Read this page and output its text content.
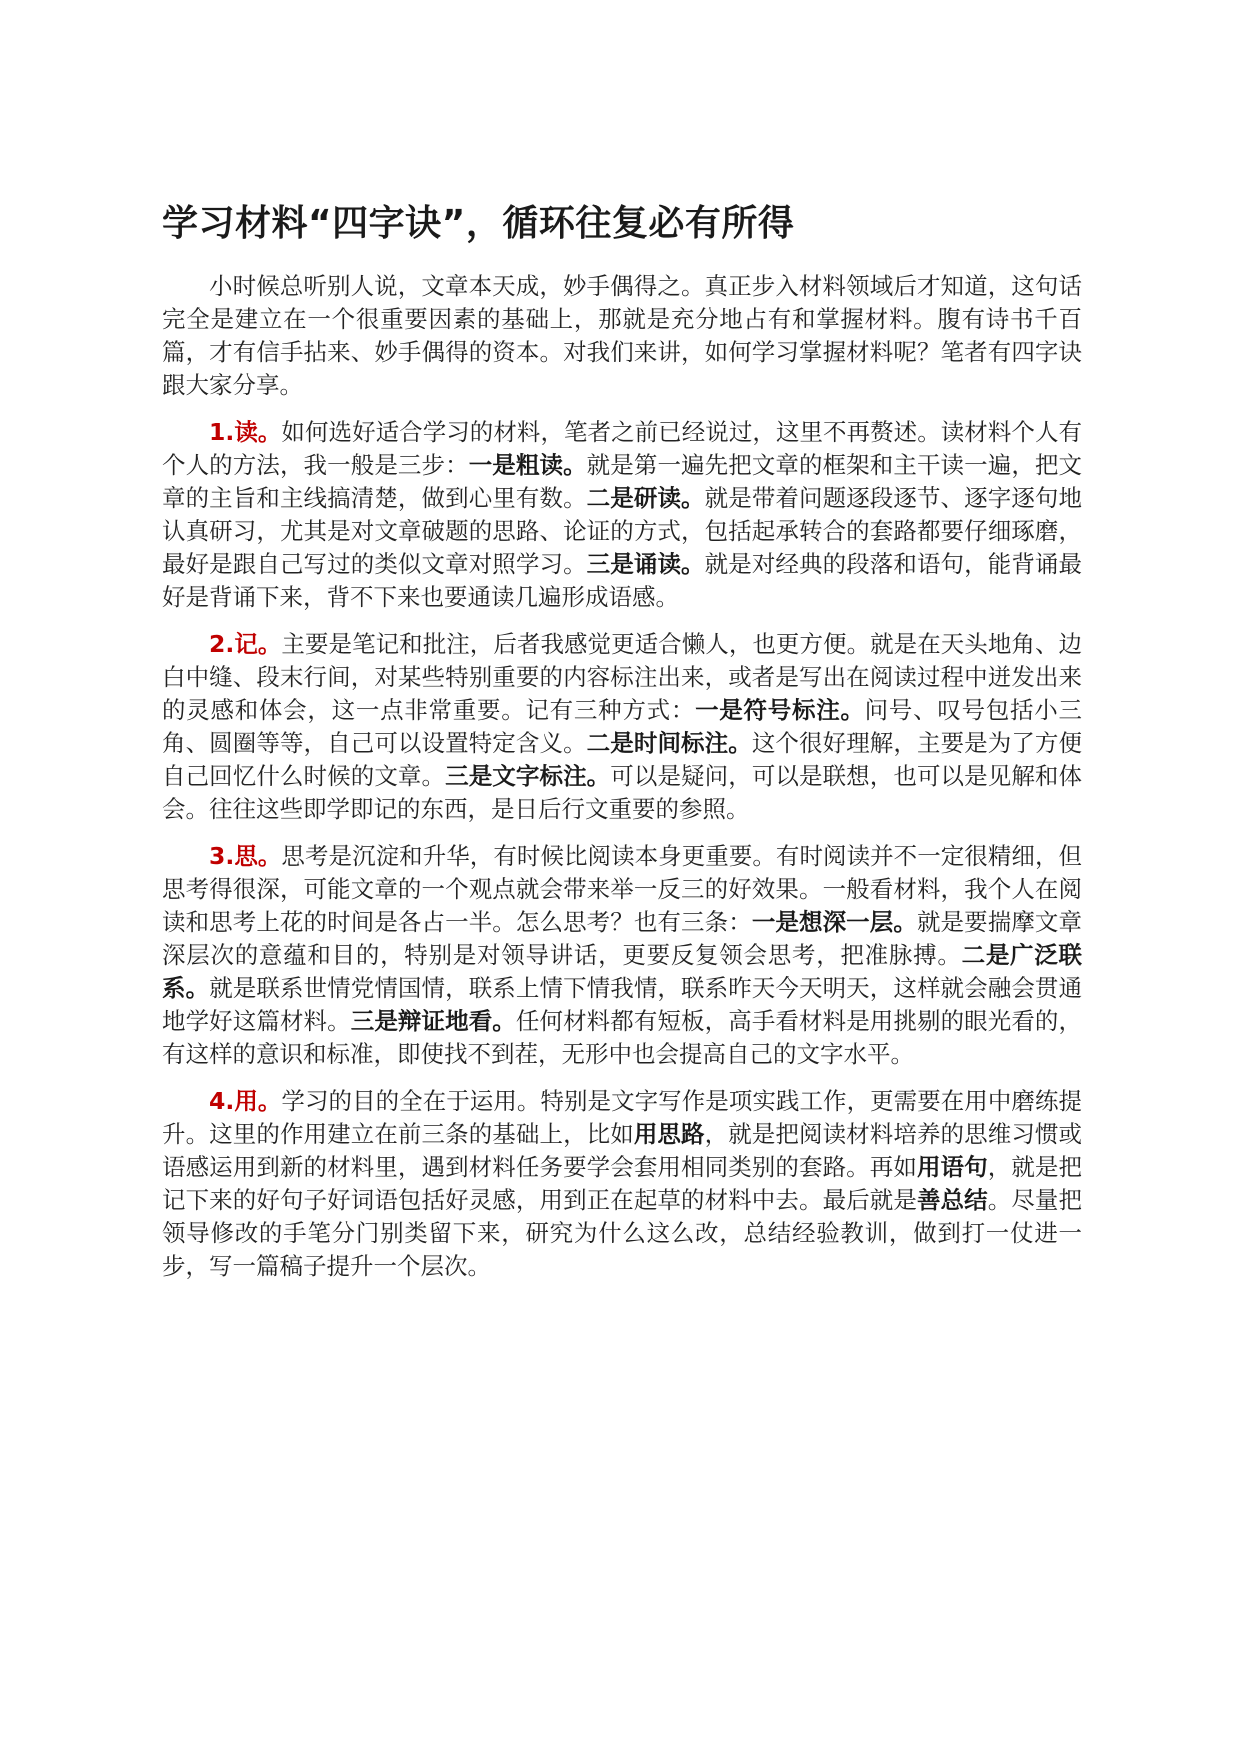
学习材料“四字诀”，循环往复必有所得

小时候总听别人说，文章本天成，妙手偶得之。真正步入材料领域后才知道，这句话完全是建立在一个很重要因素的基础上，那就是充分地占有和掌握材料。腹有诗书千百篇，才有信手拈来、妙手偶得的资本。对我们来讲，如何学习掌握材料呢？笔者有四字诀跟大家分享。

1.读。如何选好适合学习的材料，笔者之前已经说过，这里不再赘述。读材料个人有个人的方法，我一般是三步：一是粗读。就是第一遍先把文章的框架和主干读一遍，把文章的主旨和主线搞清楚，做到心里有数。二是研读。就是带着问题逐段逐节、逐字逐句地认真研习，尤其是对文章破题的思路、论证的方式，包括起承转合的套路都要仔细琢磨，最好是跟自己写过的类似文章对照学习。三是诵读。就是对经典的段落和语句，能背诵最好是背诵下来，背不下来也要通读几遍形成语感。

2.记。主要是笔记和批注，后者我感觉更适合懒人，也更方便。就是在天头地角、边白中缝、段末行间，对某些特别重要的内容标注出来，或者是写出在阅读过程中迸发出来的灵感和体会，这一点非常重要。记有三种方式：一是符号标注。问号、叹号包括小三角、圆圈等等，自己可以设置特定含义。二是时间标注。这个很好理解，主要是为了方便自己回忆什么时候的文章。三是文字标注。可以是疑问，可以是联想，也可以是见解和体会。往往这些即学即记的东西，是日后行文重要的参照。

3.思。思考是沉淀和升华，有时候比阅读本身更重要。有时阅读并不一定很精细，但思考得很深，可能文章的一个观点就会带来举一反三的好效果。一般看材料，我个人在阅读和思考上花的时间是各占一半。怎么思考？也有三条：一是想深一层。就是要揣摩文章深层次的意蕴和目的，特别是对领导讲话，更要反复领会思考，把准脉搏。二是广泛联系。就是联系世情党情国情，联系上情下情我情，联系昨天今天明天，这样就会融会贯通地学好这篇材料。三是辩证地看。任何材料都有短板，高手看材料是用挑剔的眼光看的，有这样的意识和标准，即使找不到茬，无形中也会提高自己的文字水平。

4.用。学习的目的全在于运用。特别是文字写作是项实践工作，更需要在用中磨练提升。这里的作用建立在前三条的基础上，比如用思路，就是把阅读材料培养的思维习惯或语感运用到新的材料里，遇到材料任务要学会套用相同类别的套路。再如用语句，就是把记下来的好句子好词语包括好灵感，用到正在起草的材料中去。最后就是善总结。尽量把领导修改的手笔分门别类留下来，研究为什么这么改，总结经验教训，做到打一仗进一步，写一篇稿子提升一个层次。
